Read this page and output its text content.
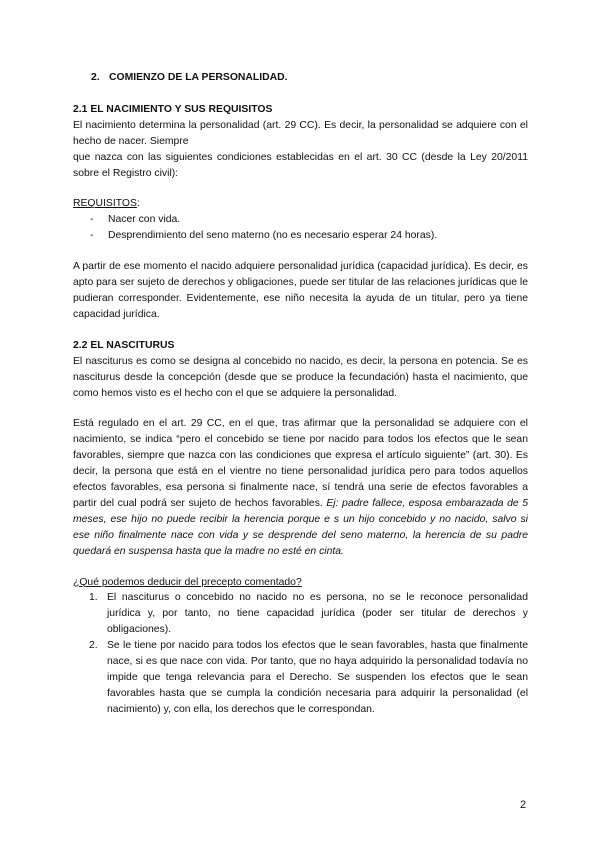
2. COMIENZO DE LA PERSONALIDAD.

2.1 EL NACIMIENTO Y SUS REQUISITOS

El nacimiento determina la personalidad (art. 29 CC). Es decir, la personalidad se adquiere con el hecho de nacer. Siempre

que nazca con las siguientes condiciones establecidas en el art. 30 CC (desde la Ley 20/2011 sobre el Registro civil):

REQUISITOS:

- Nacer con vida.
- Desprendimiento del seno materno (no es necesario esperar 24 horas).

A partir de ese momento el nacido adquiere personalidad jurídica (capacidad jurídica). Es decir, es apto para ser sujeto de derechos y obligaciones, puede ser titular de las relaciones jurídicas que le pudieran corresponder. Evidentemente, ese niño necesita la ayuda de un titular, pero ya tiene capacidad jurídica.

2.2 EL NASCITURUS

El nasciturus es como se designa al concebido no nacido, es decir, la persona en potencia. Se es nasciturus desde la concepción (desde que se produce la fecundación) hasta el nacimiento, que como hemos visto es el hecho con el que se adquiere la personalidad.

Está regulado en el art. 29 CC, en el que, tras afirmar que la personalidad se adquiere con el nacimiento, se indica “pero el concebido se tiene por nacido para todos los efectos que le sean favorables, siempre que nazca con las condiciones que expresa el artículo siguiente” (art. 30). Es decir, la persona que está en el vientre no tiene personalidad jurídica pero para todos aquellos efectos favorables, esa persona si finalmente nace, sí tendrá una serie de efectos favorables a partir del cual podrá ser sujeto de hechos favorables. Ej: padre fallece, esposa embarazada de 5 meses, ese hijo no puede recibir la herencia porque e s un hijo concebido y no nacido, salvo si ese niño finalmente nace con vida y se desprende del seno materno, la herencia de su padre quedará en suspensa hasta que la madre no esté en cinta.

¿Qué podemos deducir del precepto comentado?

1. El nasciturus o concebido no nacido no es persona, no se le reconoce personalidad jurídica y, por tanto, no tiene capacidad jurídica (poder ser titular de derechos y obligaciones).
2. Se le tiene por nacido para todos los efectos que le sean favorables, hasta que finalmente nace, si es que nace con vida. Por tanto, que no haya adquirido la personalidad todavía no impide que tenga relevancia para el Derecho. Se suspenden los efectos que le sean favorables hasta que se cumpla la condición necesaria para adquirir la personalidad (el nacimiento) y, con ella, los derechos que le correspondan.
2
